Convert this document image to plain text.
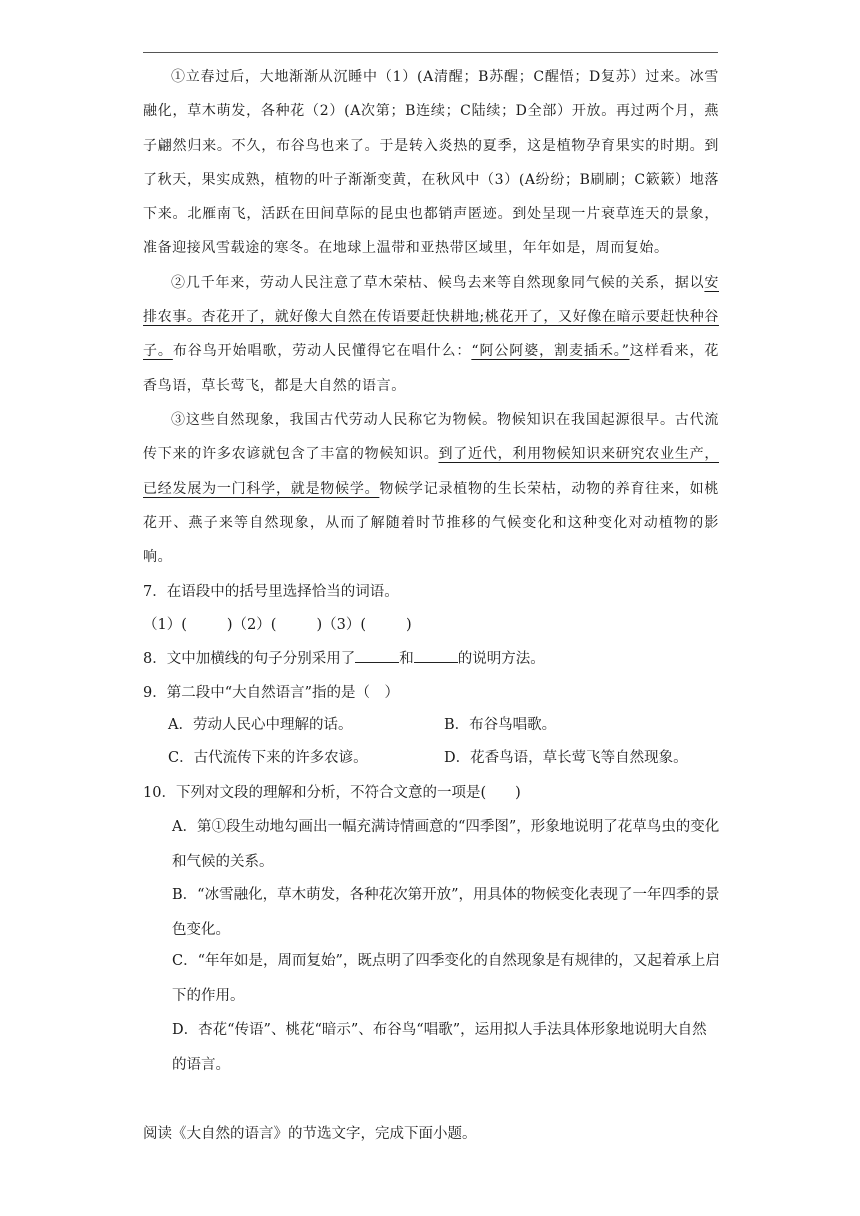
①立春过后，大地渐渐从沉睡中（1）(A清醒；B苏醒；C醒悟；D复苏）过来。冰雪融化，草木萌发，各种花（2）(A次第；B连续；C陆续；D全部）开放。再过两个月，燕子翩然归来。不久，布谷鸟也来了。于是转入炎热的夏季，这是植物孕育果实的时期。到了秋天，果实成熟，植物的叶子渐渐变黄，在秋风中（3）(A纷纷；B刷刷；C簌簌）地落下来。北雁南飞，活跃在田间草际的昆虫也都销声匿迹。到处呈现一片衰草连天的景象，准备迎接风雪载途的寒冬。在地球上温带和亚热带区域里，年年如是，周而复始。

②几千年来，劳动人民注意了草木荣枯、候鸟去来等自然现象同气候的关系，据以安排农事。杏花开了，就好像大自然在传语要赶快耕地;桃花开了，又好像在暗示要赶快种谷子。布谷鸟开始唱歌，劳动人民懂得它在唱什么：“阿公阿婆，割麦插禾。”这样看来，花香鸟语，草长莺飞，都是大自然的语言。

③这些自然现象，我国古代劳动人民称它为物候。物候知识在我国起源很早。古代流传下来的许多农谚就包含了丰富的物候知识。到了近代，利用物候知识来研究农业生产，已经发展为一门科学，就是物候学。物候学记录植物的生长荣枯，动物的养育往来，如桃花开、燕子来等自然现象，从而了解随着时节推移的气候变化和这种变化对动植物的影响。

7．在语段中的括号里选择恰当的词语。
（1）(	)（2）(	)（3）(	)
8．文中加横线的句子分别采用了	和	的说明方法。
9．第二段中“大自然语言”指的是（　）
A．劳动人民心中理解的话。	B．布谷鸟唱歌。
C．古代流传下来的许多农谚。	D．花香鸟语，草长莺飞等自然现象。
10．下列对文段的理解和分析，不符合文意的一项是(　　)
A．第①段生动地勾画出一幅充满诗情画意的“四季图”，形象地说明了花草鸟虫的变化和气候的关系。
B．“冰雪融化，草木萌发，各种花次第开放”，用具体的物候变化表现了一年四季的景色变化。
C．“年年如是，周而复始”，既点明了四季变化的自然现象是有规律的，又起着承上启下的作用。
D．杏花“传语”、桃花“暗示”、布谷鸟“唱歌”，运用拟人手法具体形象地说明大自然的语言。
阅读《大自然的语言》的节选文字，完成下面小题。
